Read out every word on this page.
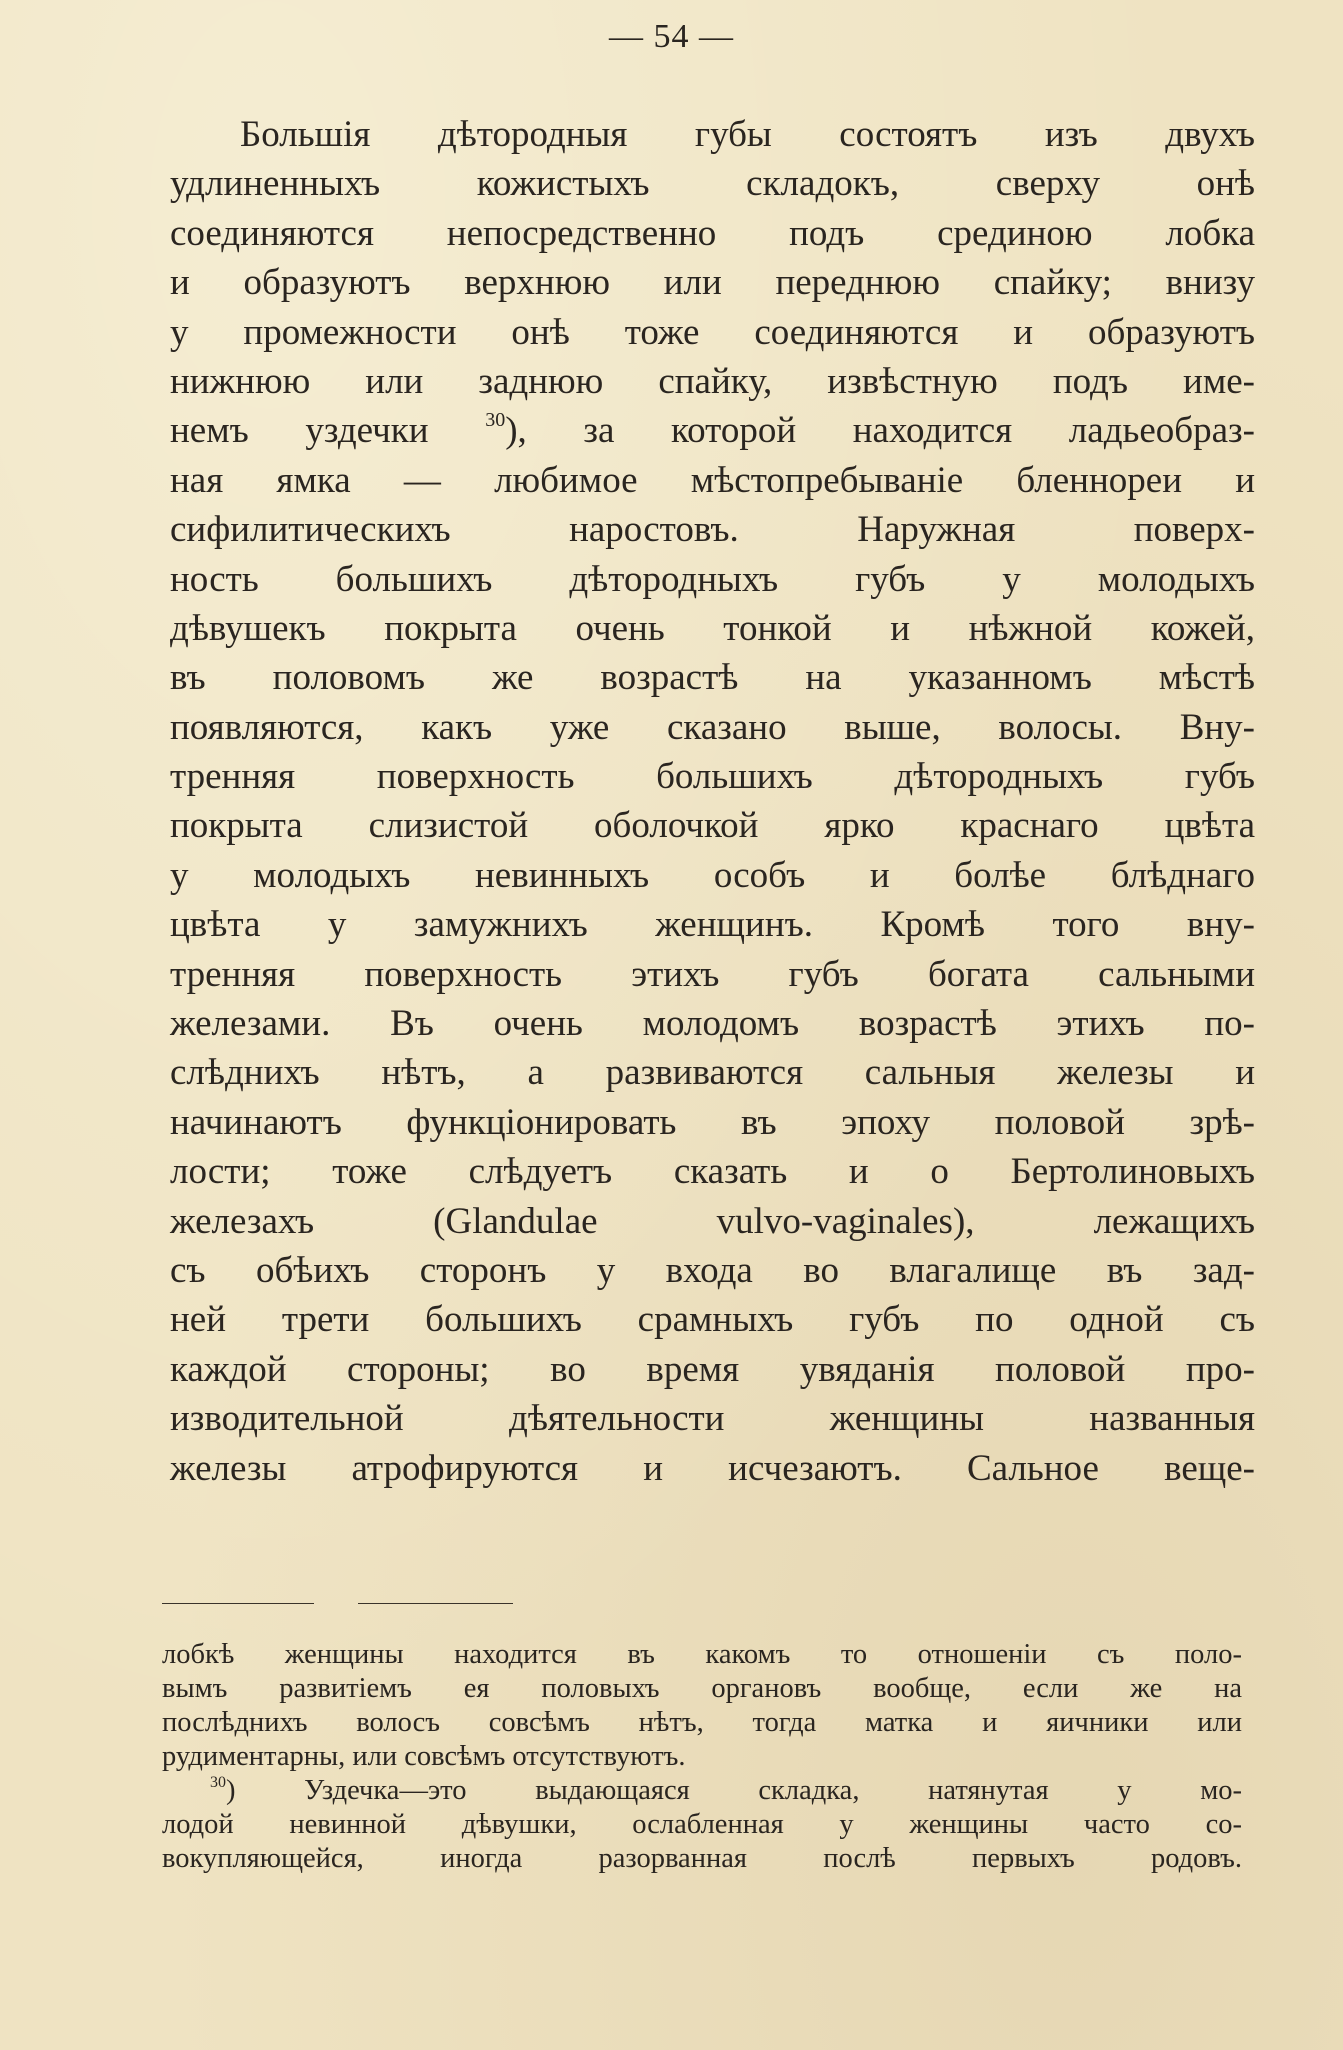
— 54 —
Большія дѣтородныя губы состоятъ изъ двухъ
удлиненныхъ кожистыхъ складокъ, сверху онѣ
соединяются непосредственно подъ срединою лобка
и образуютъ верхнюю или переднюю спайку; внизу
у промежности онѣ тоже соединяются и образуютъ
нижнюю или заднюю спайку, извѣстную подъ име-
немъ уздечки	$^{30}$), за которой находится ладьеобраз-
ная ямка — любимое мѣстопребываніе бленнореи и
сифилитическихъ наростовъ. Наружная поверх-
ность большихъ дѣтородныхъ губъ у молодыхъ
дѣвушекъ покрыта очень тонкой и нѣжной кожей,
въ половомъ же возрастѣ на указанномъ мѣстѣ
появляются, какъ уже сказано выше, волосы. Вну-
тренняя поверхность большихъ дѣтородныхъ губъ
покрыта слизистой оболочкой ярко краснаго цвѣта
у молодыхъ невинныхъ особъ и болѣе блѣднаго
цвѣта у замужнихъ женщинъ. Кромѣ того вну-
тренняя поверхность этихъ губъ богата сальными
железами. Въ очень молодомъ возрастѣ этихъ по-
слѣднихъ нѣтъ, а развиваются сальныя железы и
начинаютъ функціонировать въ эпоху половой зрѣ-
лости; тоже слѣдуетъ сказать и о Бертолиновыхъ
железахъ (Glandulae vulvo-vaginales), лежащихъ
съ обѣихъ сторонъ у входа во влагалище въ зад-
ней трети большихъ срамныхъ губъ по одной съ
каждой стороны; во время увяданія половой про-
изводительной дѣятельности женщины названныя
железы атрофируются и исчезаютъ. Сальное веще-
лобкѣ женщины находится въ какомъ то отношеніи съ поло-
вымъ развитіемъ ея половыхъ органовъ вообще, если же на
послѣднихъ волосъ совсѣмъ нѣтъ, тогда матка и яичники или
рудиментарны, или совсѣмъ отсутствуютъ.
$^{30}$) Уздечка—это выдающаяся складка, натянутая у мо-
лодой невинной дѣвушки, ослабленная у женщины часто со-
вокупляющейся, иногда разорванная послѣ первыхъ родовъ.
